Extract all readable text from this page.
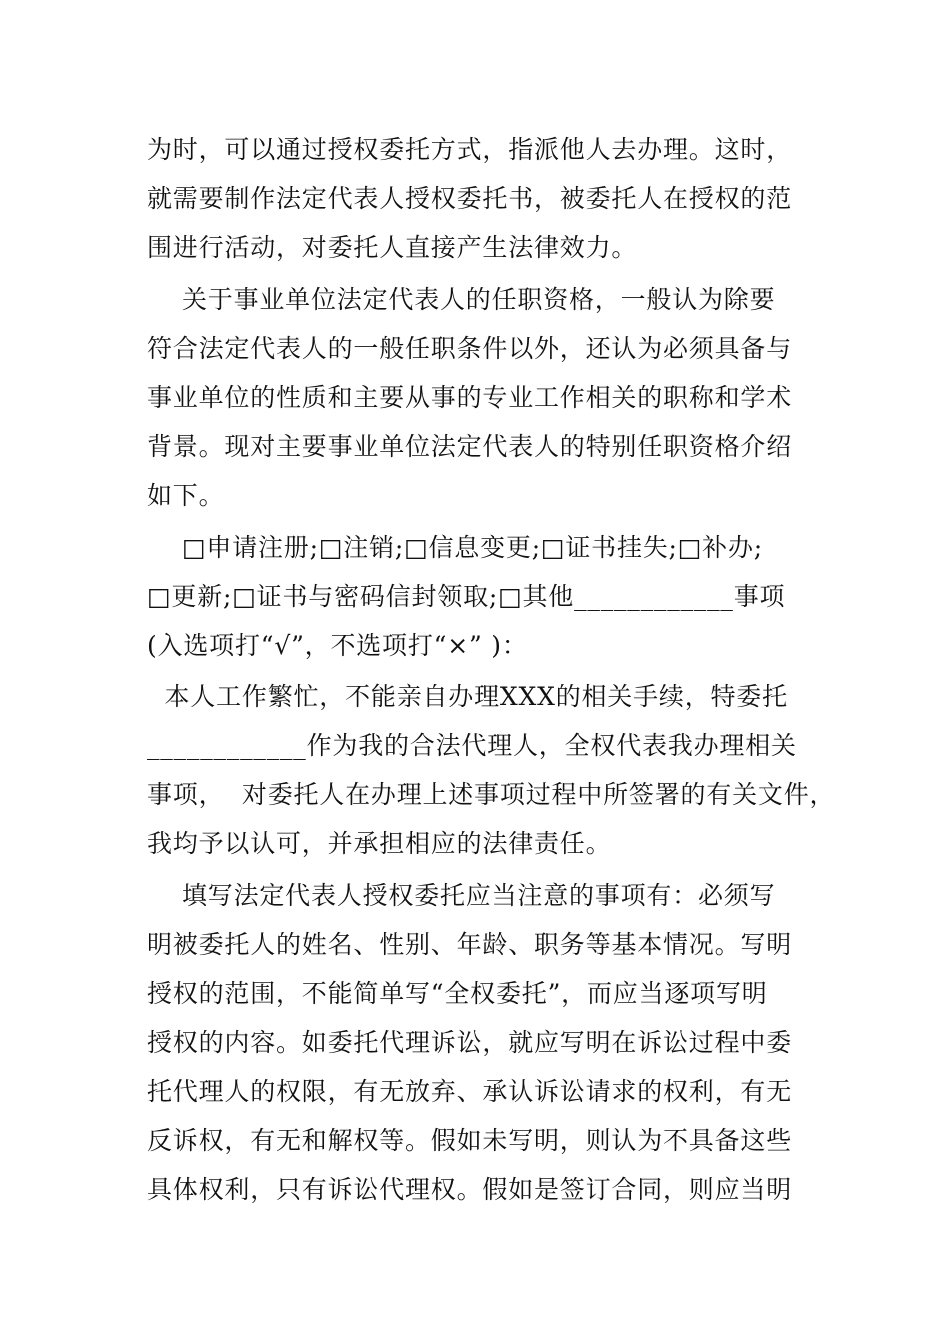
为时，可以通过授权委托方式，指派他人去办理。这时，
就需要制作法定代表人授权委托书，被委托人在授权的范
围进行活动，对委托人直接产生法律效力。
关于事业单位法定代表人的任职资格，一般认为除要
符合法定代表人的一般任职条件以外，还认为必须具备与
事业单位的性质和主要从事的专业工作相关的职称和学术
背景。现对主要事业单位法定代表人的特别任职资格介绍
如下。
□申请注册;□注销;□信息变更;□证书挂失;□补办;
□更新;□证书与密码信封领取;□其他____________事项
(入选项打“√”，不选项打“×” )：
本人工作繁忙，不能亲自办理XXX的相关手续，特委托
____________作为我的合法代理人，全权代表我办理相关
事项，  对委托人在办理上述事项过程中所签署的有关文件，
我均予以认可，并承担相应的法律责任。
填写法定代表人授权委托应当注意的事项有：必须写
明被委托人的姓名、性别、年龄、职务等基本情况。写明
授权的范围，不能简单写“全权委托”，而应当逐项写明
授权的内容。如委托代理诉讼，就应写明在诉讼过程中委
托代理人的权限，有无放弃、承认诉讼请求的权利，有无
反诉权，有无和解权等。假如未写明，则认为不具备这些
具体权利，只有诉讼代理权。假如是签订合同，则应当明
